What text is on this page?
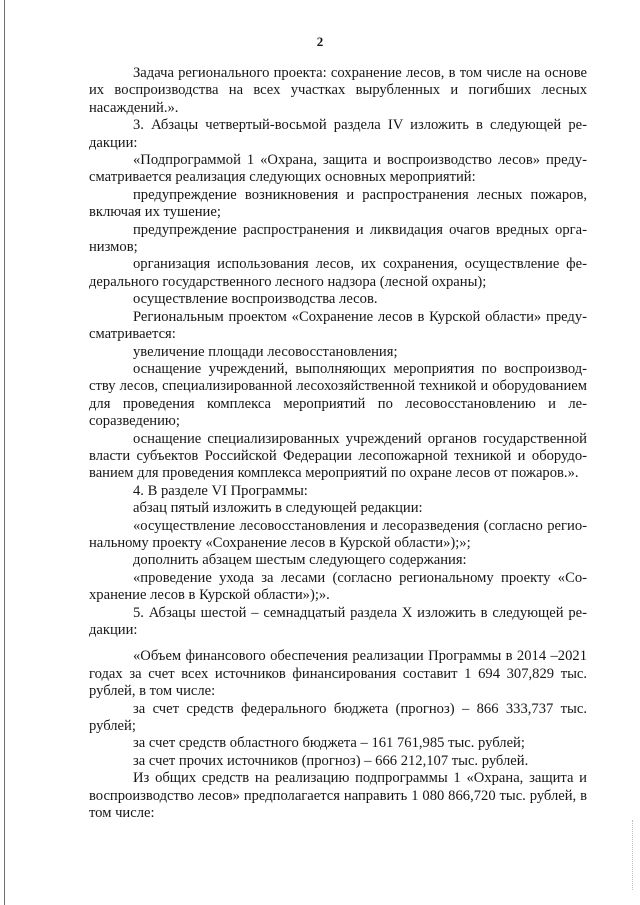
2

Задача регионального проекта: сохранение лесов, в том числе на основе их воспроизводства на всех участках вырубленных и погибших лесных насаждений.».

3. Абзацы четвертый-восьмой раздела IV изложить в следующей редакции:

«Подпрограммой 1 «Охрана, защита и воспроизводство лесов» предусматривается реализация следующих основных мероприятий:

предупреждение возникновения и распространения лесных пожаров, включая их тушение;

предупреждение распространения и ликвидация очагов вредных организмов;

организация использования лесов, их сохранения, осуществление федерального государственного лесного надзора (лесной охраны);

осуществление воспроизводства лесов.

Региональным проектом «Сохранение лесов в Курской области» предусматривается:

увеличение площади лесовосстановления;

оснащение учреждений, выполняющих мероприятия по воспроизводству лесов, специализированной лесохозяйственной техникой и оборудованием для проведения комплекса мероприятий по лесовосстановлению и лесоразведению;

оснащение специализированных учреждений органов государственной власти субъектов Российской Федерации лесопожарной техникой и оборудованием для проведения комплекса мероприятий по охране лесов от пожаров.».

4. В разделе VI Программы:

абзац пятый изложить в следующей редакции:

«осуществление лесовосстановления и лесоразведения (согласно региональному проекту «Сохранение лесов в Курской области»);»;

дополнить абзацем шестым следующего содержания:

«проведение ухода за лесами (согласно региональному проекту «Сохранение лесов в Курской области»);».

5. Абзацы шестой – семнадцатый раздела X изложить в следующей редакции:

«Объем финансового обеспечения реализации Программы в 2014 –2021 годах за счет всех источников финансирования составит 1 694 307,829 тыс. рублей, в том числе:

за счет средств федерального бюджета (прогноз) – 866 333,737 тыс. рублей;

за счет средств областного бюджета – 161 761,985 тыс. рублей;

за счет прочих источников (прогноз) – 666 212,107 тыс. рублей.

Из общих средств на реализацию подпрограммы 1 «Охрана, защита и воспроизводство лесов» предполагается направить 1 080 866,720 тыс. рублей, в том числе:
